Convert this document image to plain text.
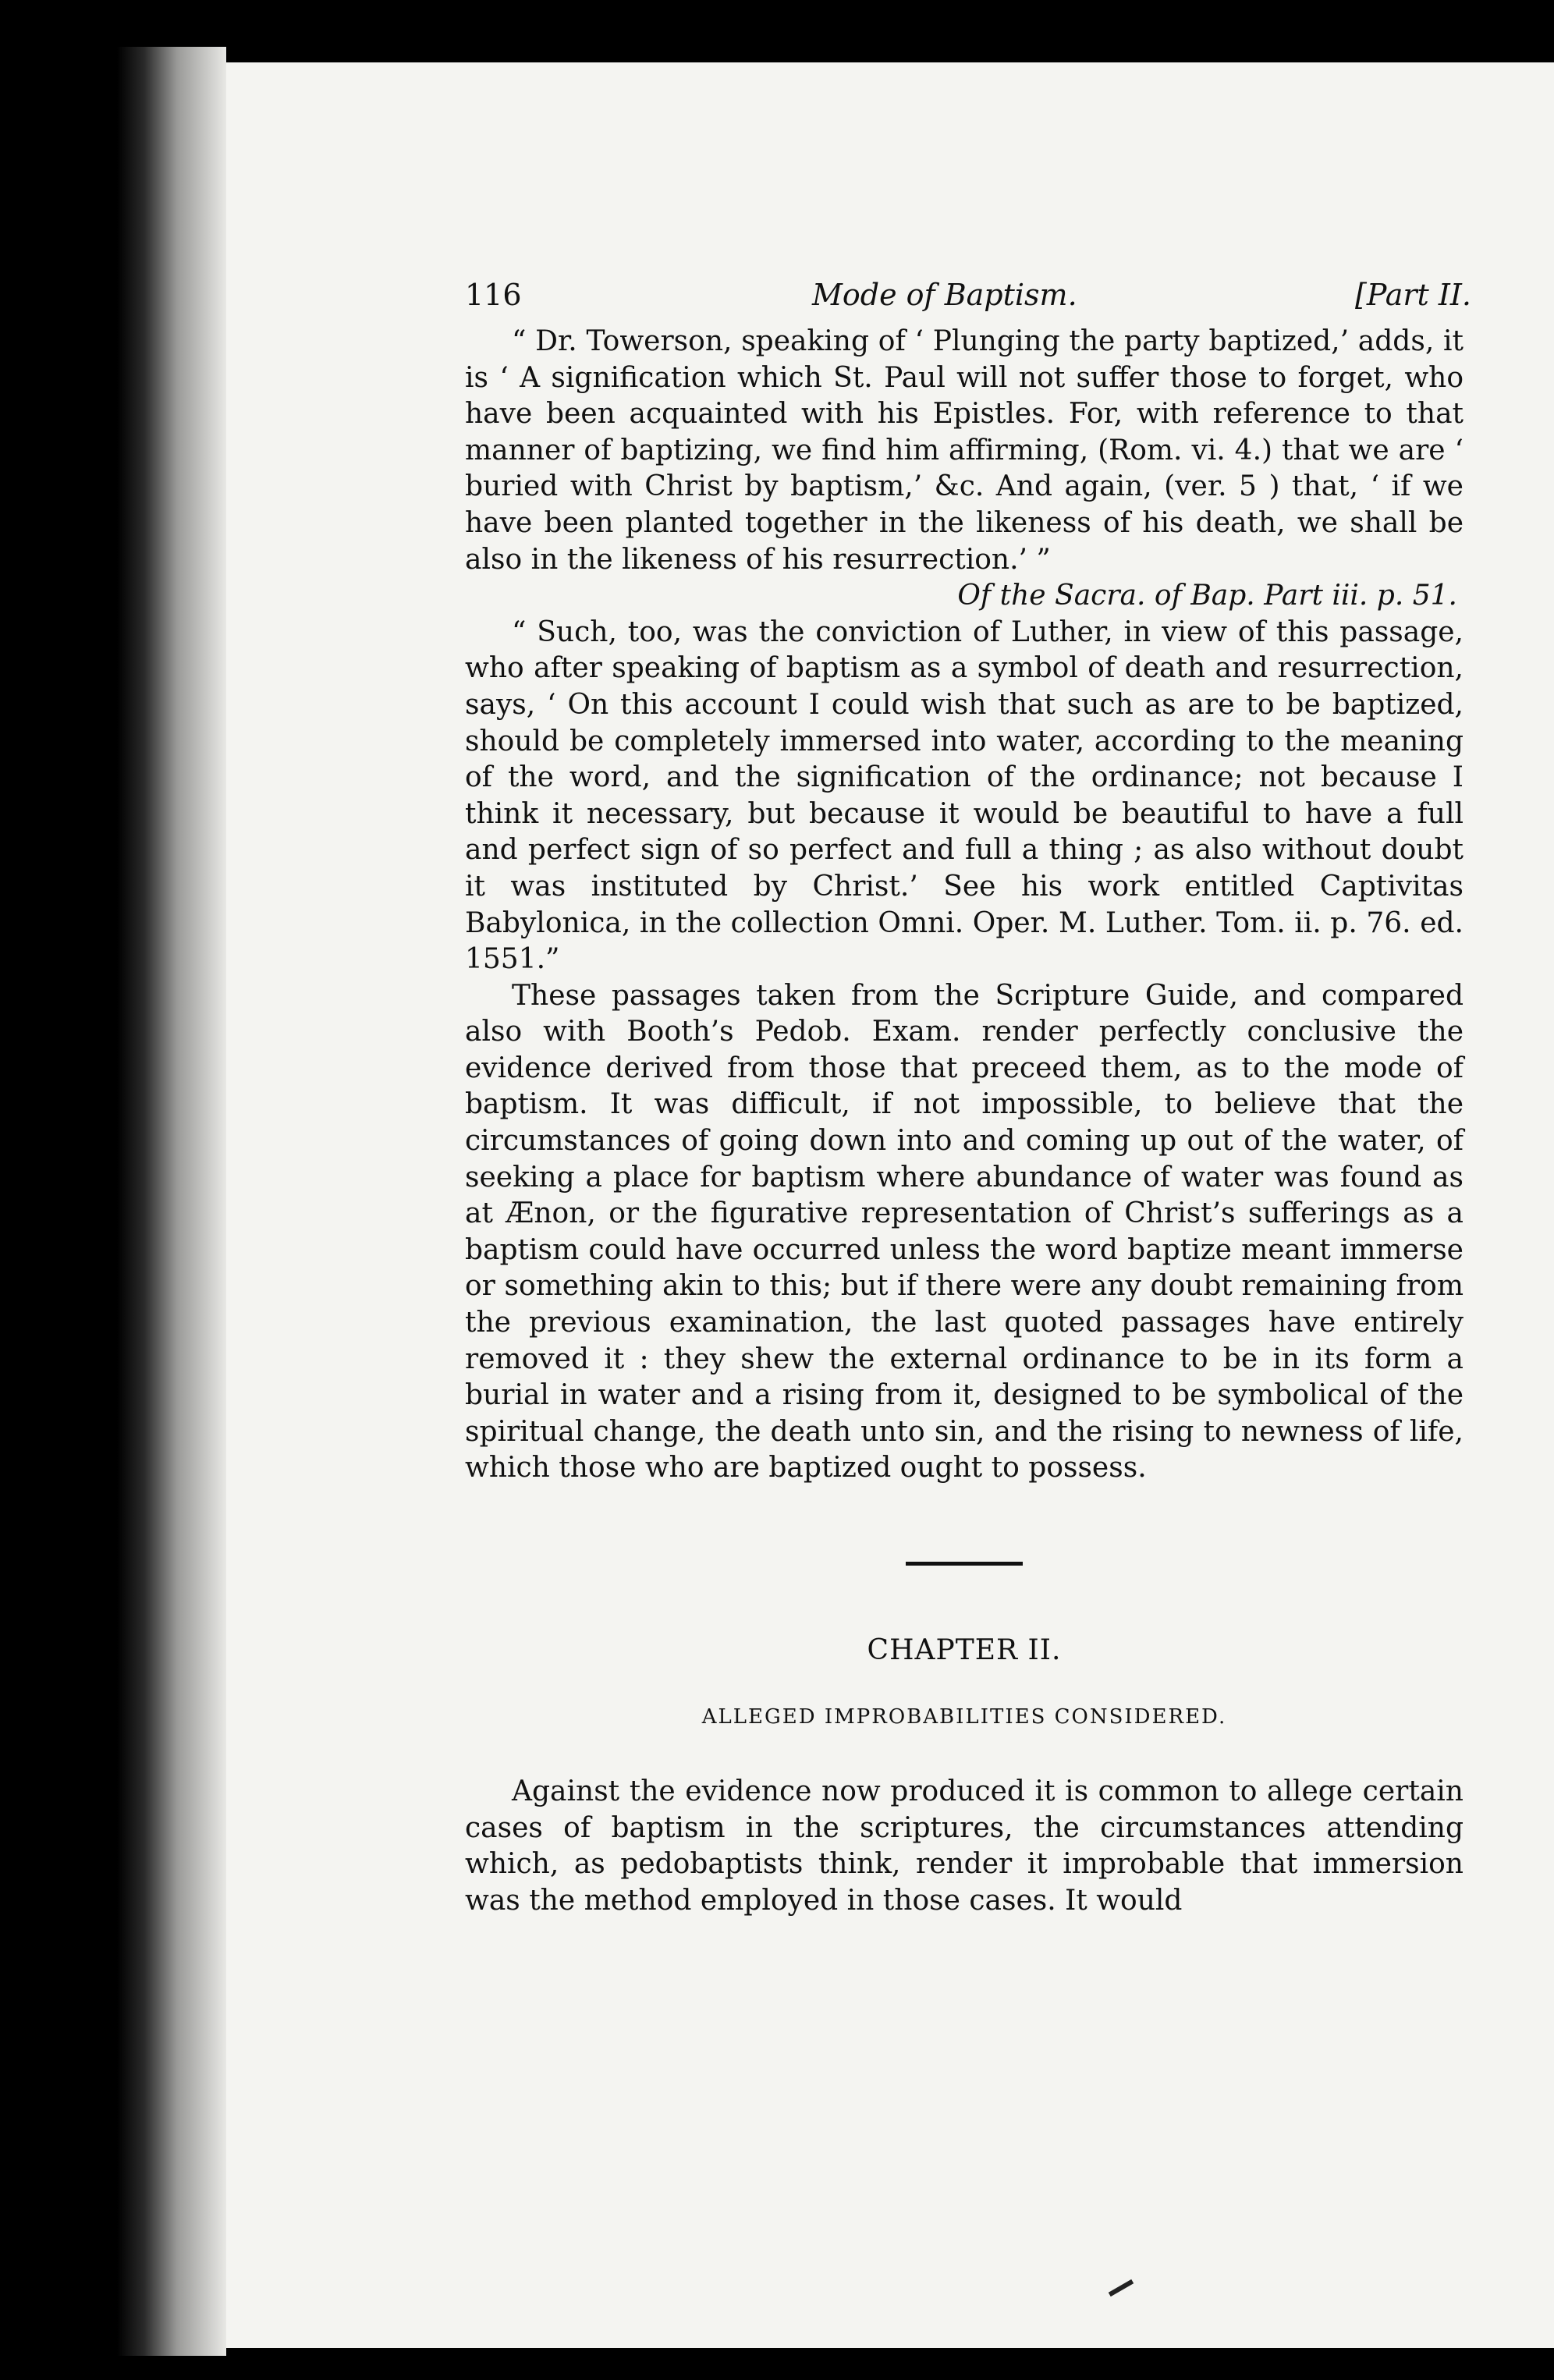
116	Mode of Baptism.	[Part II.

“ Dr. Towerson, speaking of ‘ Plunging the party baptized,’ adds, it is ‘ A signification which St. Paul will not suffer those to forget, who have been acquainted with his Epistles. For, with reference to that manner of baptizing, we find him affirming, (Rom. vi. 4.) that we are ‘ buried with Christ by baptism,’ &c. And again, (ver. 5 ) that, ‘ if we have been planted together in the likeness of his death, we shall be also in the likeness of his resurrection.’ ”

Of the Sacra. of Bap. Part iii. p. 51.

“ Such, too, was the conviction of Luther, in view of this passage, who after speaking of baptism as a symbol of death and resurrection, says, ‘ On this account I could wish that such as are to be baptized, should be completely immersed into water, according to the meaning of the word, and the signification of the ordinance; not because I think it necessary, but because it would be beautiful to have a full and perfect sign of so perfect and full a thing ; as also without doubt it was instituted by Christ.’ See his work entitled Captivitas Babylonica, in the collection Omni. Oper. M. Luther. Tom. ii. p. 76. ed. 1551.”

These passages taken from the Scripture Guide, and compared also with Booth’s Pedob. Exam. render perfectly conclusive the evidence derived from those that preceed them, as to the mode of baptism. It was difficult, if not impossible, to believe that the circumstances of going down into and coming up out of the water, of seeking a place for baptism where abundance of water was found as at Ænon, or the figurative representation of Christ’s sufferings as a baptism could have occurred unless the word baptize meant immerse or something akin to this; but if there were any doubt remaining from the previous examination, the last quoted passages have entirely removed it : they shew the external ordinance to be in its form a burial in water and a rising from it, designed to be symbolical of the spiritual change, the death unto sin, and the rising to newness of life, which those who are baptized ought to possess.

CHAPTER II.

ALLEGED IMPROBABILITIES CONSIDERED.

Against the evidence now produced it is common to allege certain cases of baptism in the scriptures, the circumstances attending which, as pedobaptists think, render it improbable that immersion was the method employed in those cases. It would
